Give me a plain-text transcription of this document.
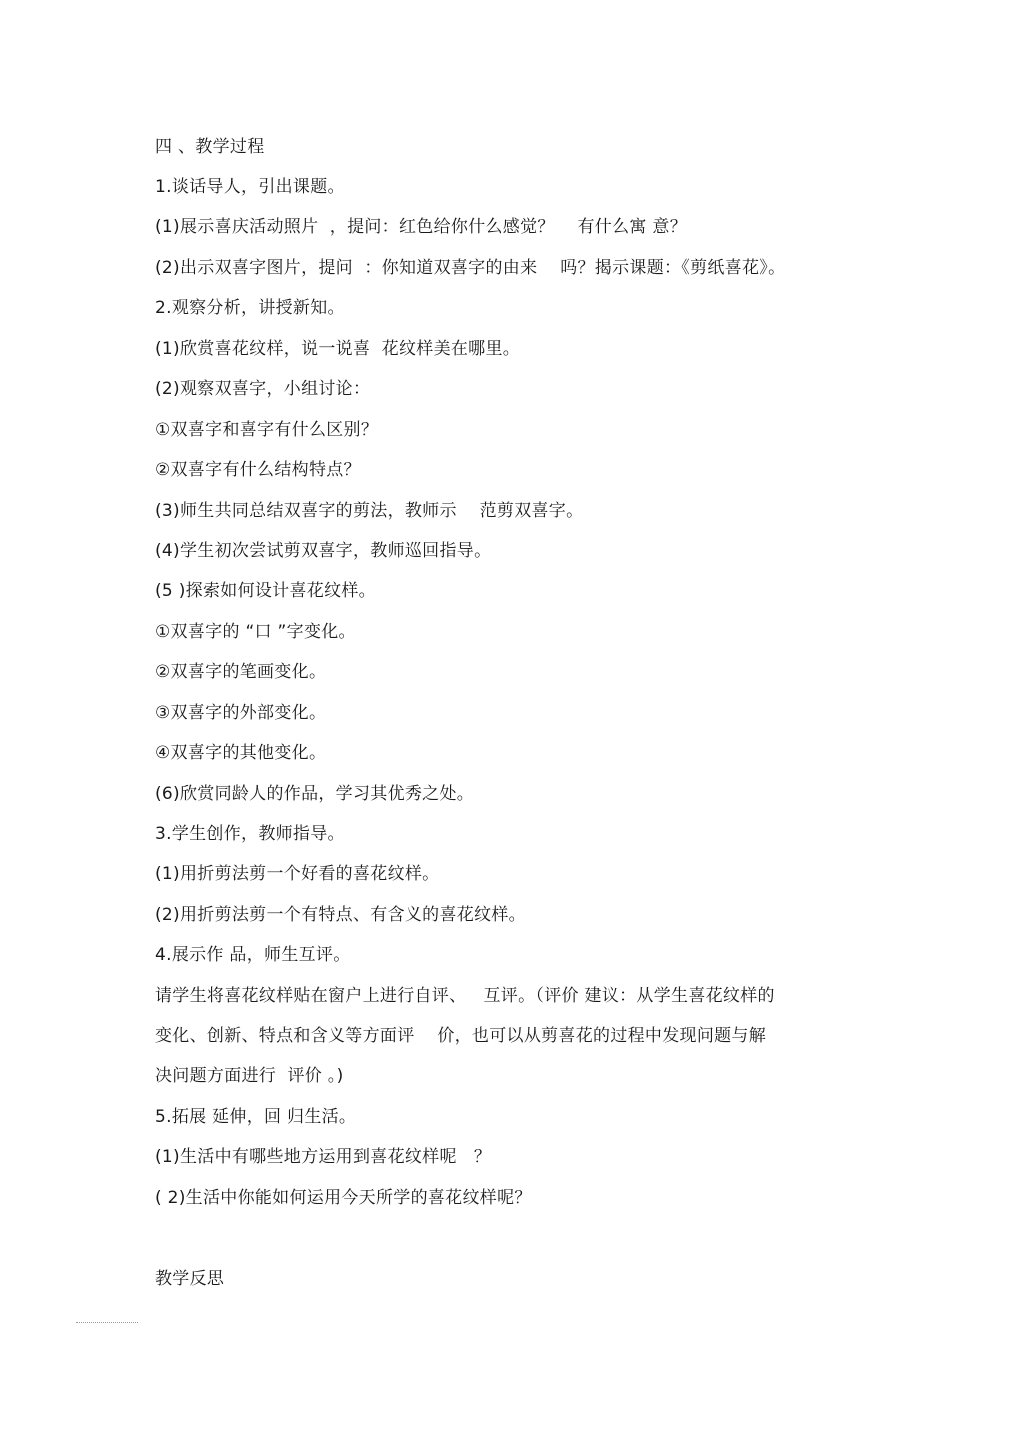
四 、教学过程
1.谈话导人，引出课题。
(1)展示喜庆活动照片  ，提问：红色给你什么感觉？    有什么寓 意？
(2)出示双喜字图片，提问  ：你知道双喜字的由来    吗？揭示课题：《剪纸喜花》。
2.观察分析，讲授新知。
(1)欣赏喜花纹样，说一说喜  花纹样美在哪里。
(2)观察双喜字，小组讨论：
①双喜字和喜字有什么区别？
②双喜字有什么结构特点？
(3)师生共同总结双喜字的剪法，教师示    范剪双喜字。
(4)学生初次尝试剪双喜字，教师巡回指导。
(5 )探索如何设计喜花纹样。
①双喜字的 “口 ”字变化。
②双喜字的笔画变化。
③双喜字的外部变化。
④双喜字的其他变化。
(6)欣赏同龄人的作品，学习其优秀之处。
3.学生创作，教师指导。
(1)用折剪法剪一个好看的喜花纹样。
(2)用折剪法剪一个有特点、有含义的喜花纹样。
4.展示作 品，师生互评。
请学生将喜花纹样贴在窗户上进行自评、   互评。（评价 建议：从学生喜花纹样的
变化、创新、特点和含义等方面评    价，也可以从剪喜花的过程中发现问题与解
决问题方面进行  评价 。)
5.拓展 延伸，回 归生活。
(1)生活中有哪些地方运用到喜花纹样呢   ？
( 2)生活中你能如何运用今天所学的喜花纹样呢？
教学反思
